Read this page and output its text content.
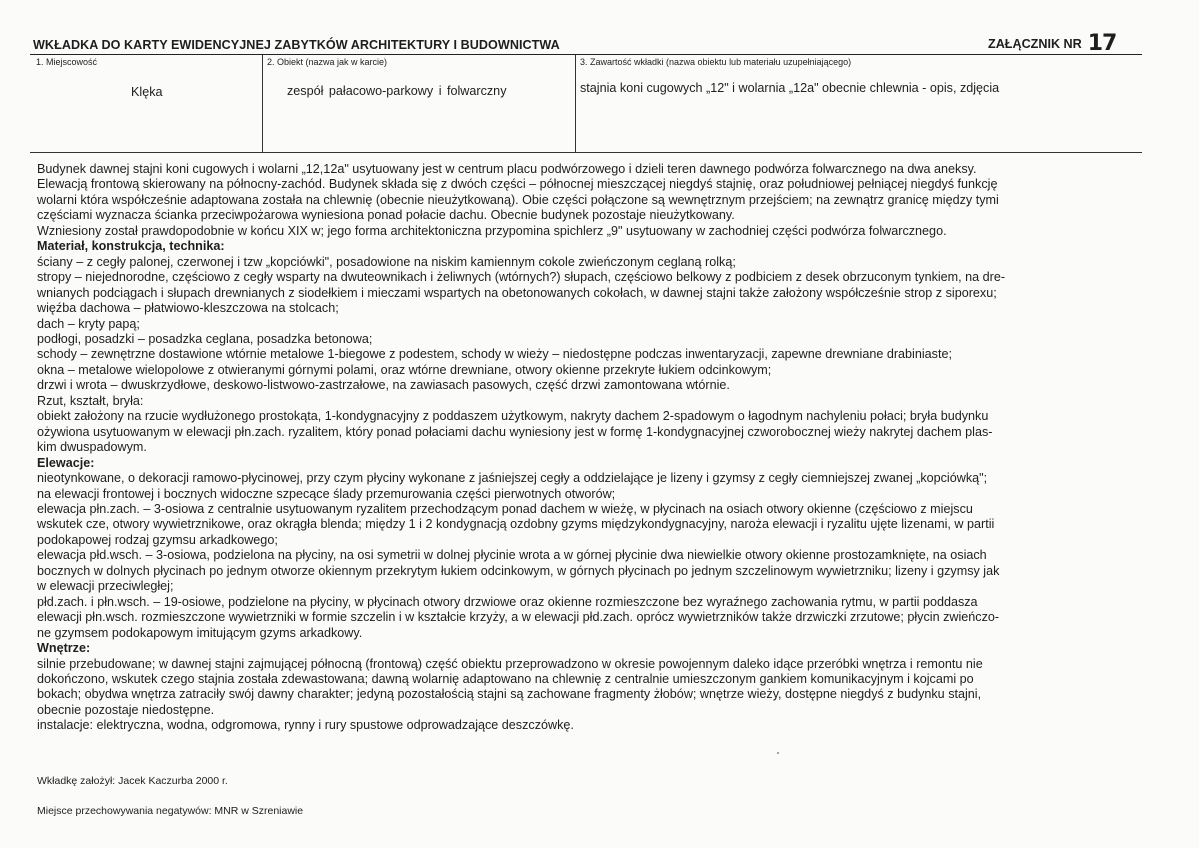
WKŁADKA DO KARTY EWIDENCYJNEJ ZABYTKÓW ARCHITEKTURY I BUDOWNICTWA	ZAŁĄCZNIK NR 17
1. Miejscowość	2. Obiekt (nazwa jak w karcie)	3. Zawartość wkładki (nazwa obiektu lub materiału uzupełniającego)
Klęka	zespół pałacowo-parkowy i folwarczny	stajnia koni cugowych „12" i wolarnia „12a" obecnie chlewnia - opis, zdjęcia

Budynek dawnej stajni koni cugowych i wolarni „12,12a" usytuowany jest w centrum placu podwórzowego i dzieli teren dawnego podwórza folwarcznego na dwa aneksy.

Elewacją frontową skierowany na północny-zachód. Budynek składa się z dwóch części – północnej mieszczącej niegdyś stajnię, oraz południowej pełniącej niegdyś funkcję

wolarni która współcześnie adaptowana została na chlewnię (obecnie nieużytkowaną). Obie części połączone są wewnętrznym przejściem; na zewnątrz granicę między tymi

częściami wyznacza ścianka przeciwpożarowa wyniesiona ponad połacie dachu. Obecnie budynek pozostaje nieużytkowany.

Wzniesiony został prawdopodobnie w końcu XIX w; jego forma architektoniczna przypomina spichlerz „9" usytuowany w zachodniej części podwórza folwarcznego.

Materiał, konstrukcja, technika:

ściany – z cegły palonej, czerwonej i tzw „kopciówki", posadowione na niskim kamiennym cokole zwieńczonym ceglaną rolką;

stropy – niejednorodne, częściowo z cegły wsparty na dwuteownikach i żeliwnych (wtórnych?) słupach, częściowo belkowy z podbiciem z desek obrzuconym tynkiem, na dre-

wnianych podciągach i słupach drewnianych z siodełkiem i mieczami wspartych na obetonowanych cokołach, w dawnej stajni także założony współcześnie strop z siporexu;

więźba dachowa – płatwiowo-kleszczowa na stolcach;

dach – kryty papą;

podłogi, posadzki – posadzka ceglana, posadzka betonowa;

schody – zewnętrzne dostawione wtórnie metalowe 1-biegowe z podestem, schody w wieży – niedostępne podczas inwentaryzacji, zapewne drewniane drabiniaste;

okna – metalowe wielopolowe z otwieranymi górnymi polami, oraz wtórne drewniane, otwory okienne przekryte łukiem odcinkowym;

drzwi i wrota – dwuskrzydłowe, deskowo-listwowo-zastrzałowe, na zawiasach pasowych, część drzwi zamontowana wtórnie.

Rzut, kształt, bryła:

obiekt założony na rzucie wydłużonego prostokąta, 1-kondygnacyjny z poddaszem użytkowym, nakryty dachem 2-spadowym o łagodnym nachyleniu połaci; bryła budynku

ożywiona usytuowanym w elewacji płn.zach. ryzalitem, który ponad połaciami dachu wyniesiony jest w formę 1-kondygnacyjnej czworobocznej wieży nakrytej dachem plas-

kim dwuspadowym.

Elewacje:

nieotynkowane, o dekoracji ramowo-płycinowej, przy czym płyciny wykonane z jaśniejszej cegły a oddzielające je lizeny i gzymsy z cegły ciemniejszej zwanej „kopciówką";

na elewacji frontowej i bocznych widoczne szpecące ślady przemurowania części pierwotnych otworów;

elewacja płn.zach. – 3-osiowa z centralnie usytuowanym ryzalitem przechodzącym ponad dachem w wieżę, w płycinach na osiach otwory okienne (częściowo z miejscu

wskutek cze, otwory wywietrznikowe, oraz okrągła blenda; między 1 i 2 kondygnacją ozdobny gzyms międzykondygnacyjny, naroża elewacji i ryzalitu ujęte lizenami, w partii

podokapowej rodzaj gzymsu arkadkowego;

elewacja płd.wsch. – 3-osiowa, podzielona na płyciny, na osi symetrii w dolnej płycinie wrota a w górnej płycinie dwa niewielkie otwory okienne prostozamknięte, na osiach

bocznych w dolnych płycinach po jednym otworze okiennym przekrytym łukiem odcinkowym, w górnych płycinach po jednym szczelinowym wywietrzniku; lizeny i gzymsy jak

w elewacji przeciwległej;

płd.zach. i płn.wsch. – 19-osiowe, podzielone na płyciny, w płycinach otwory drzwiowe oraz okienne rozmieszczone bez wyraźnego zachowania rytmu, w partii poddasza

elewacji płn.wsch. rozmieszczone wywietrzniki w formie szczelin i w kształcie krzyży, a w elewacji płd.zach. oprócz wywietrzników także drzwiczki zrzutowe; płycin zwieńczo-

ne gzymsem podokapowym imitującym gzyms arkadkowy.

Wnętrze:

silnie przebudowane; w dawnej stajni zajmującej północną (frontową) część obiektu przeprowadzono w okresie powojennym daleko idące przeróbki wnętrza i remontu nie

dokończono, wskutek czego stajnia została zdewastowana; dawną wolarnię adaptowano na chlewnię z centralnie umieszczonym gankiem komunikacyjnym i kojcami po

bokach; obydwa wnętrza zatraciły swój dawny charakter; jedyną pozostałością stajni są zachowane fragmenty żłobów; wnętrze wieży, dostępne niegdyś z budynku stajni,

obecnie pozostaje niedostępne.

instalacje: elektryczna, wodna, odgromowa, rynny i rury spustowe odprowadzające deszczówkę.

Wkładkę założył: Jacek Kaczurba 2000 r.
Miejsce przechowywania negatywów: MNR w Szreniawie
